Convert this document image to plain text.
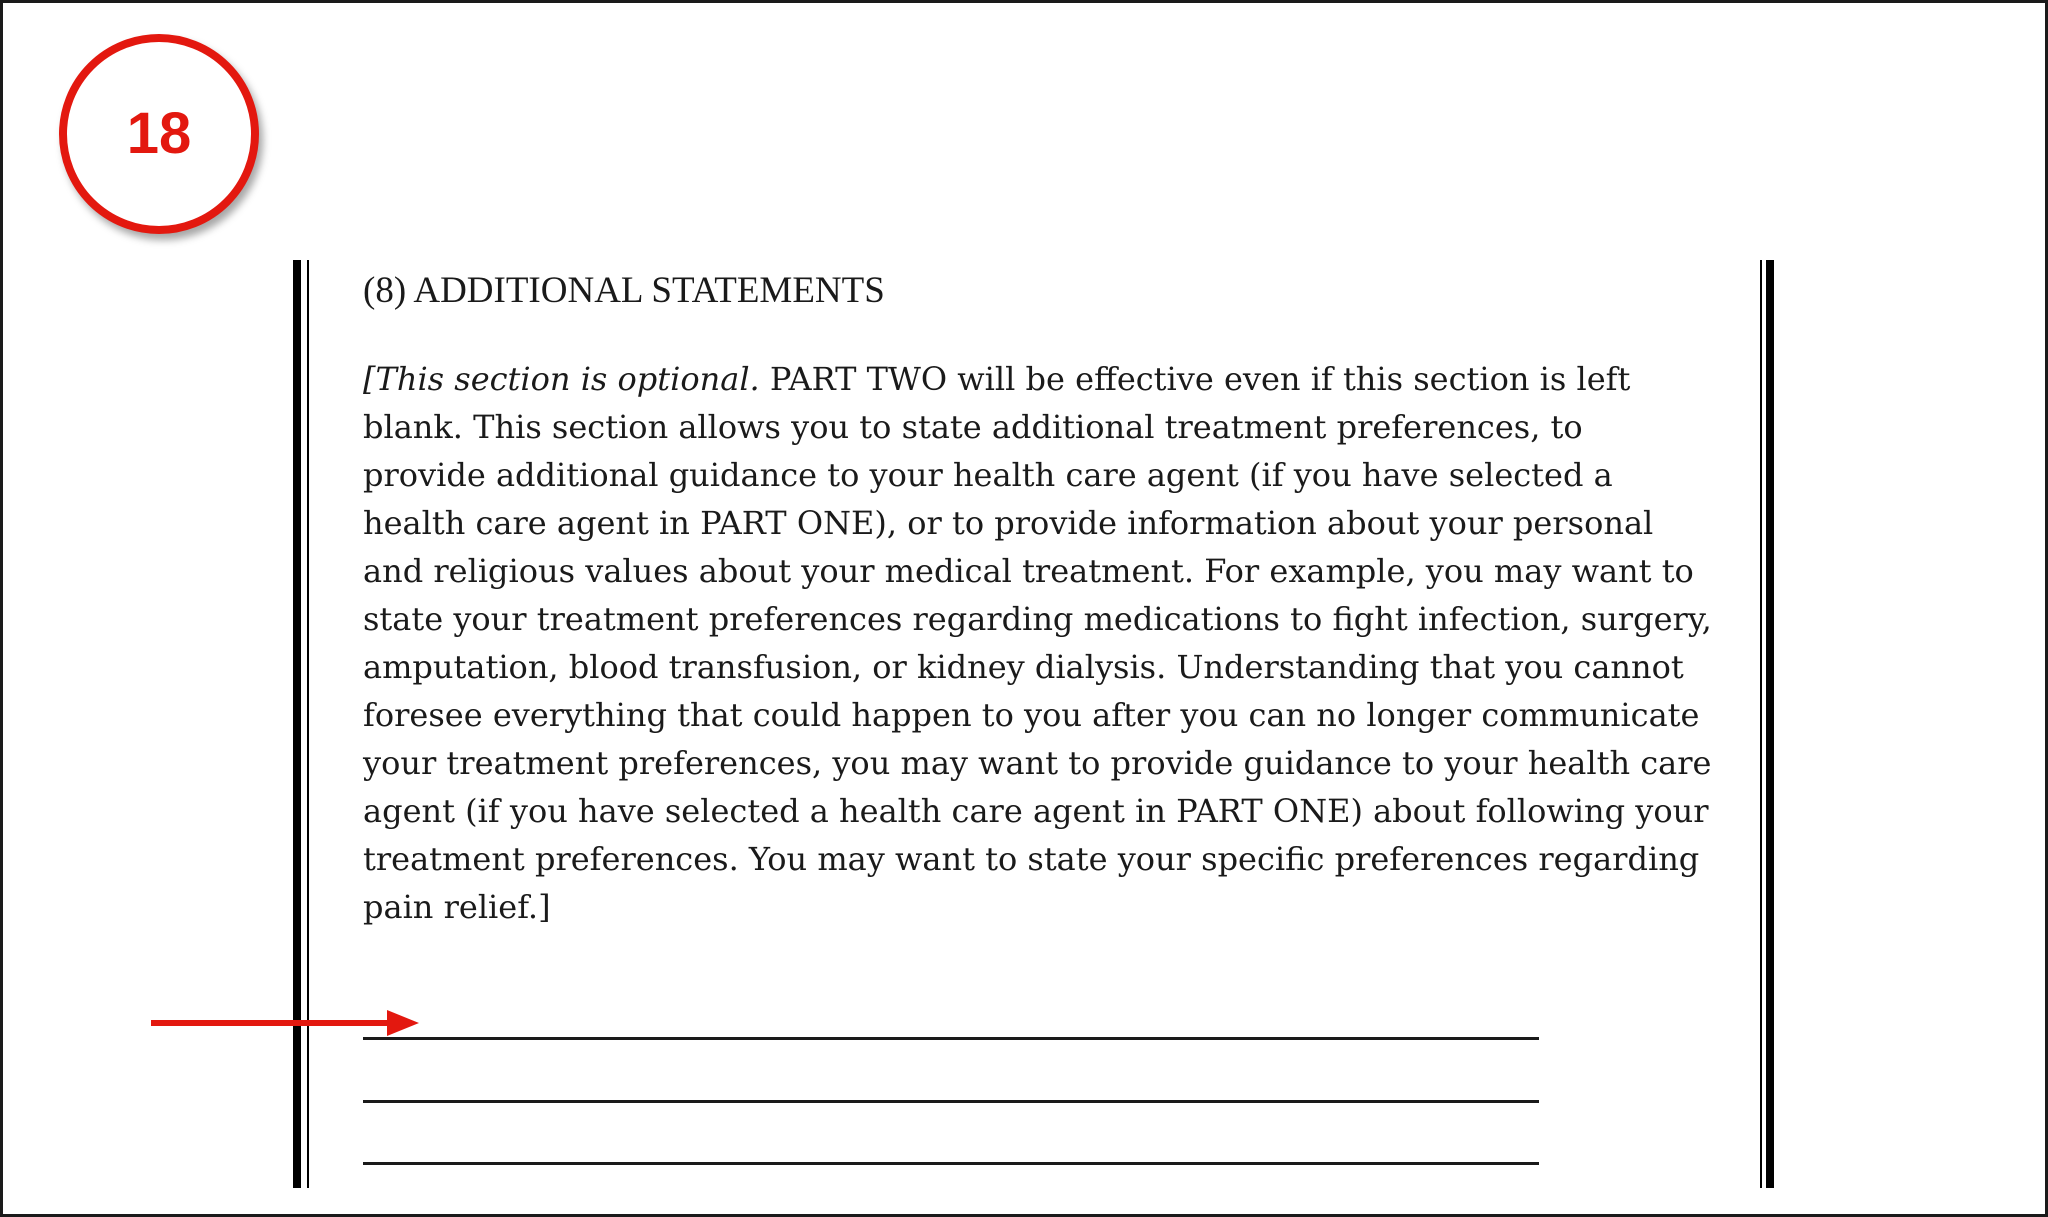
18
(8) ADDITIONAL STATEMENTS

[This section is optional. PART TWO will be effective even if this section is left blank. This section allows you to state additional treatment preferences, to provide additional guidance to your health care agent (if you have selected a health care agent in PART ONE), or to provide information about your personal and religious values about your medical treatment. For example, you may want to state your treatment preferences regarding medications to fight infection, surgery, amputation, blood transfusion, or kidney dialysis. Understanding that you cannot foresee everything that could happen to you after you can no longer communicate your treatment preferences, you may want to provide guidance to your health care agent (if you have selected a health care agent in PART ONE) about following your treatment preferences. You may want to state your specific preferences regarding pain relief.]
